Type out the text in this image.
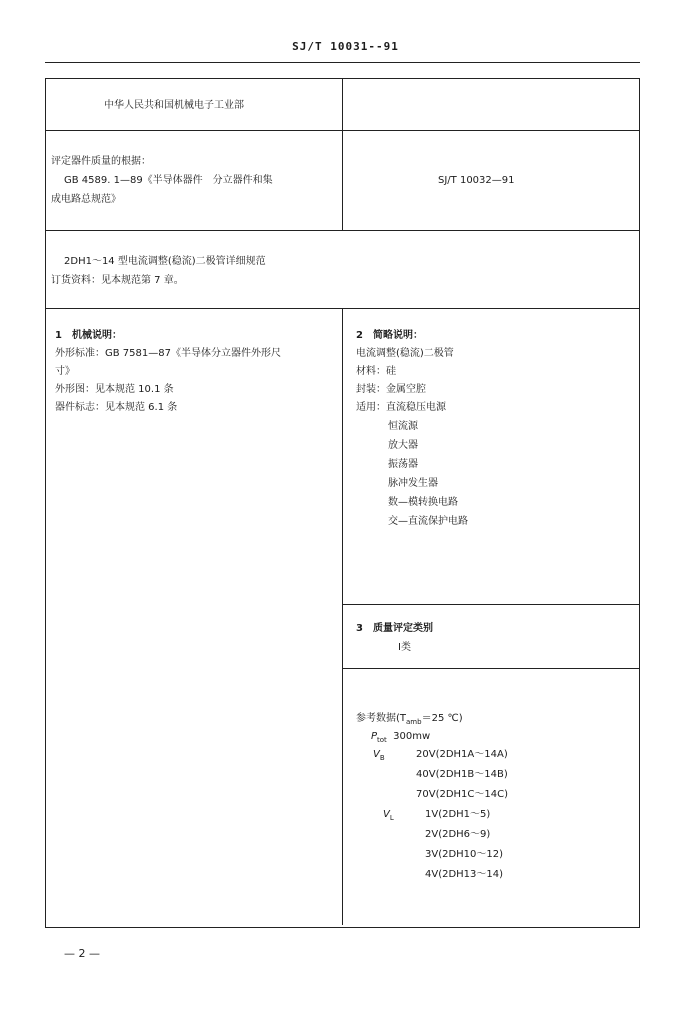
SJ/T 10031--91
中华人民共和国机械电子工业部
评定器件质量的根据：
GB 4589. 1—89《半导体器件　分立器件和集
成电路总规范》
SJ/T 10032—91
2DH1～14 型电流调整(稳流)二极管详细规范
订货资料：见本规范第 7 章。
1　机械说明：
外形标准：GB 7581—87《半导体分立器件外形尺
寸》
外形图：见本规范 10.1 条
器件标志：见本规范 6.1 条
2　简略说明：
电流调整(稳流)二极管
材料：硅
封装：金属空腔
适用：直流稳压电源
恒流源
放大器
振荡器
脉冲发生器
数—模转换电路
交—直流保护电路
3　质量评定类别
Ⅰ类
参考数据($T_{amb}=25$ ℃)
$P_{tot}$ 300mw
$V_B$	20V(2DH1A～14A)
40V(2DH1B～14B)
70V(2DH1C～14C)
$V_L$	1V(2DH1～5)
2V(2DH6～9)
3V(2DH10～12)
4V(2DH13～14)
— 2 —
